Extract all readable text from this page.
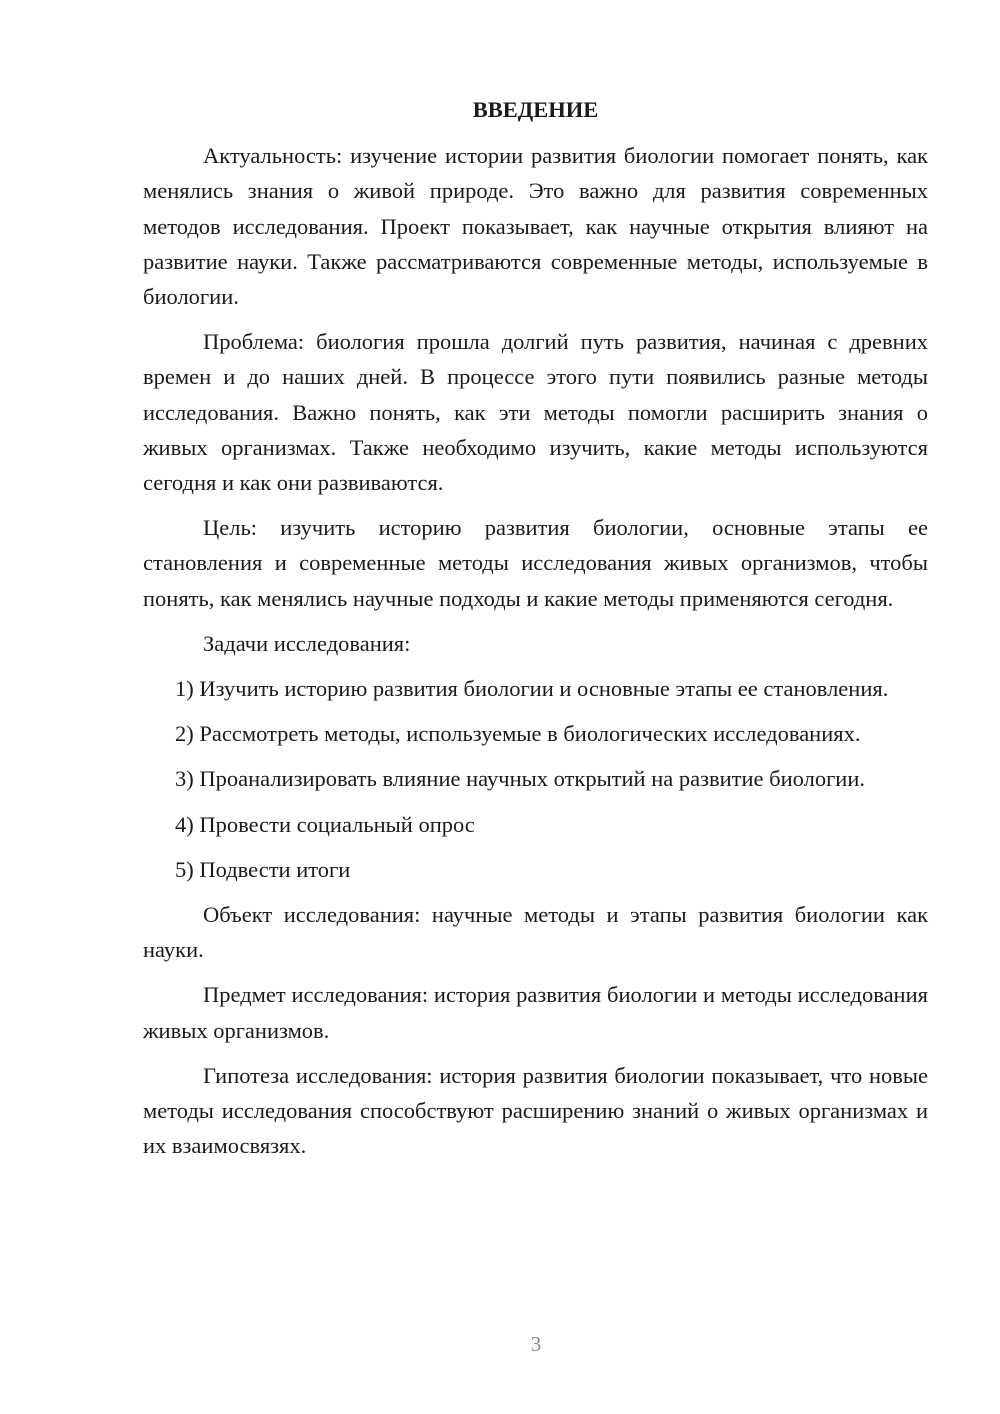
ВВЕДЕНИЕ

Актуальность: изучение истории развития биологии помогает понять, как менялись знания о живой природе. Это важно для развития современных методов исследования. Проект показывает, как научные открытия влияют на развитие науки. Также рассматриваются современные методы, используемые в биологии.

Проблема: биология прошла долгий путь развития, начиная с древних времен и до наших дней. В процессе этого пути появились разные методы исследования. Важно понять, как эти методы помогли расширить знания о живых организмах. Также необходимо изучить, какие методы используются сегодня и как они развиваются.

Цель: изучить историю развития биологии, основные этапы ее становления и современные методы исследования живых организмов, чтобы понять, как менялись научные подходы и какие методы применяются сегодня.

Задачи исследования:

1) Изучить историю развития биологии и основные этапы ее становления.

2) Рассмотреть методы, используемые в биологических исследованиях.

3) Проанализировать влияние научных открытий на развитие биологии.

4) Провести социальный опрос

5) Подвести итоги

Объект исследования: научные методы и этапы развития биологии как науки.

Предмет исследования: история развития биологии и методы исследования живых организмов.

Гипотеза исследования: история развития биологии показывает, что новые методы исследования способствуют расширению знаний о живых организмах и их взаимосвязях.

3
